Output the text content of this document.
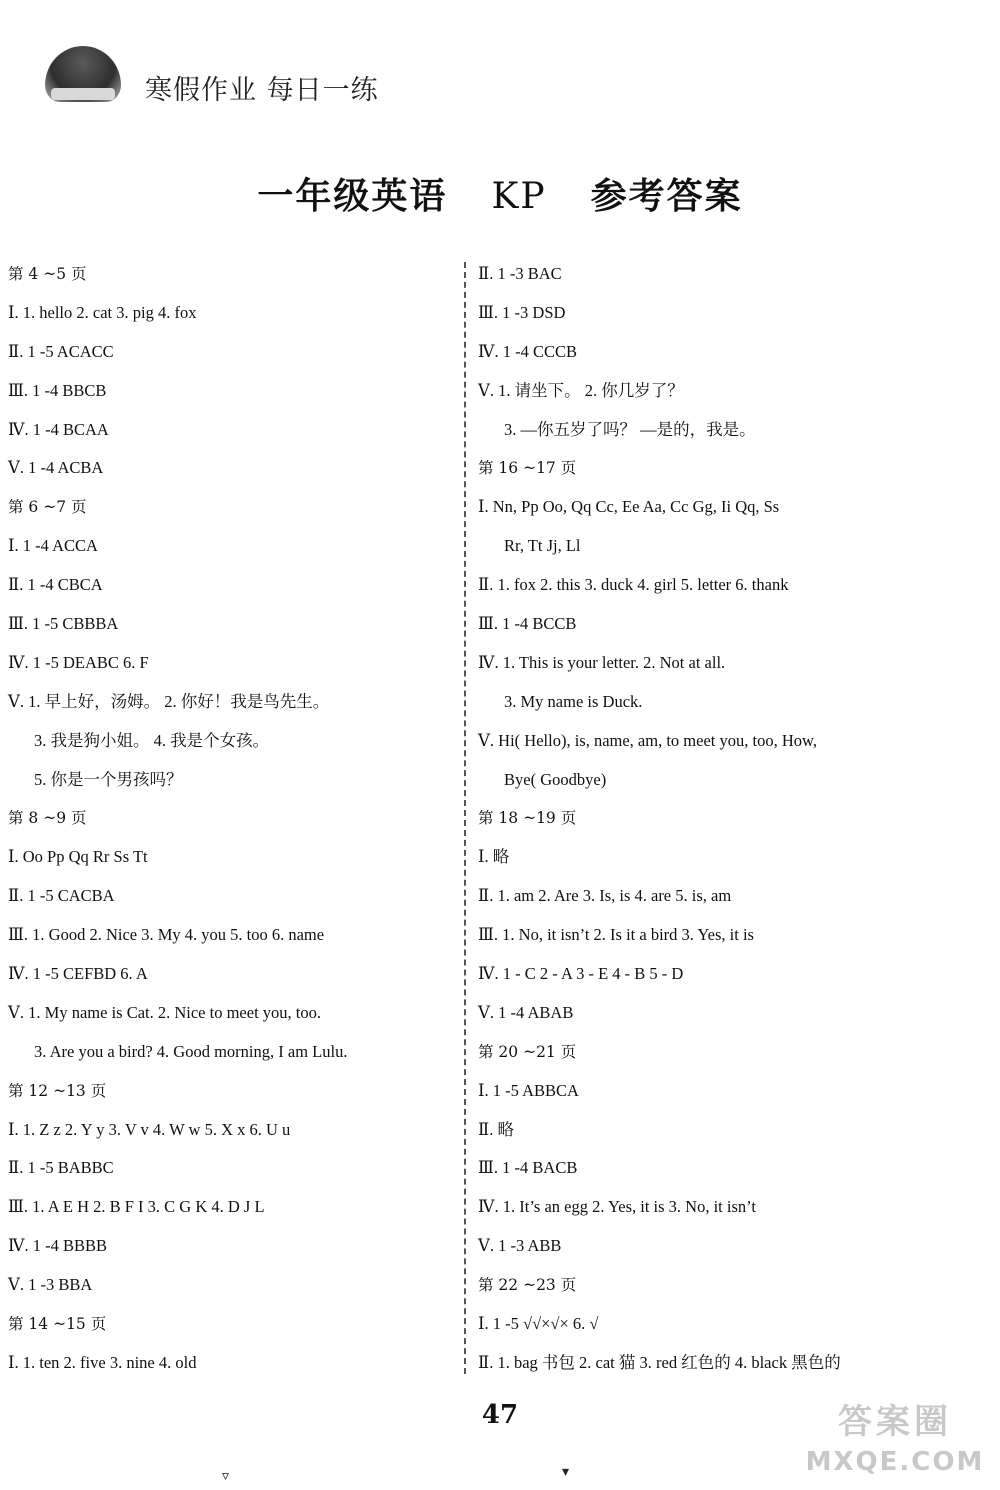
寒假作业 每日一练
一年级英语 KP 参考答案
第 4 ~5 页
Ⅰ. 1. hello 2. cat 3. pig 4. fox
Ⅱ. 1 -5 ACACC
Ⅲ. 1 -4 BBCB
Ⅳ. 1 -4 BCAA
Ⅴ. 1 -4 ACBA
第 6 ~7 页
Ⅰ. 1 -4 ACCA
Ⅱ. 1 -4 CBCA
Ⅲ. 1 -5 CBBBA
Ⅳ. 1 -5 DEABC 6. F
Ⅴ. 1. 早上好，汤姆。 2. 你好！我是鸟先生。
3. 我是狗小姐。 4. 我是个女孩。
5. 你是一个男孩吗？
第 8 ~9 页
Ⅰ. Oo Pp Qq Rr Ss Tt
Ⅱ. 1 -5 CACBA
Ⅲ. 1. Good 2. Nice 3. My 4. you 5. too 6. name
Ⅳ. 1 -5 CEFBD 6. A
Ⅴ. 1. My name is Cat. 2. Nice to meet you, too.
3. Are you a bird? 4. Good morning, I am Lulu.
第 12 ~13 页
Ⅰ. 1. Z z 2. Y y 3. V v 4. W w 5. X x 6. U u
Ⅱ. 1 -5 BABBC
Ⅲ. 1. A E H 2. B F I 3. C G K 4. D J L
Ⅳ. 1 -4 BBBB
Ⅴ. 1 -3 BBA
第 14 ~15 页
Ⅰ. 1. ten 2. five 3. nine 4. old
Ⅱ. 1 -3 BAC
Ⅲ. 1 -3 DSD
Ⅳ. 1 -4 CCCB
Ⅴ. 1. 请坐下。 2. 你几岁了？
3. —你五岁了吗？ —是的，我是。
第 16 ~17 页
Ⅰ. Nn, Pp Oo, Qq Cc, Ee Aa, Cc Gg, Ii Qq, Ss
Rr, Tt Jj, Ll
Ⅱ. 1. fox 2. this 3. duck 4. girl 5. letter 6. thank
Ⅲ. 1 -4 BCCB
Ⅳ. 1. This is your letter. 2. Not at all.
3. My name is Duck.
Ⅴ. Hi( Hello), is, name, am, to meet you, too, How,
Bye( Goodbye)
第 18 ~19 页
Ⅰ. 略
Ⅱ. 1. am 2. Are 3. Is, is 4. are 5. is, am
Ⅲ. 1. No, it isn’t 2. Is it a bird 3. Yes, it is
Ⅳ. 1 - C 2 - A 3 - E 4 - B 5 - D
Ⅴ. 1 -4 ABAB
第 20 ~21 页
Ⅰ. 1 -5 ABBCA
Ⅱ. 略
Ⅲ. 1 -4 BACB
Ⅳ. 1. It’s an egg 2. Yes, it is 3. No, it isn’t
Ⅴ. 1 -3 ABB
第 22 ~23 页
Ⅰ. 1 -5 √√×√× 6. √
Ⅱ. 1. bag 书包 2. cat 猫 3. red 红色的 4. black 黑色的
47
▿	▾
答案圈
MXQE.COM
